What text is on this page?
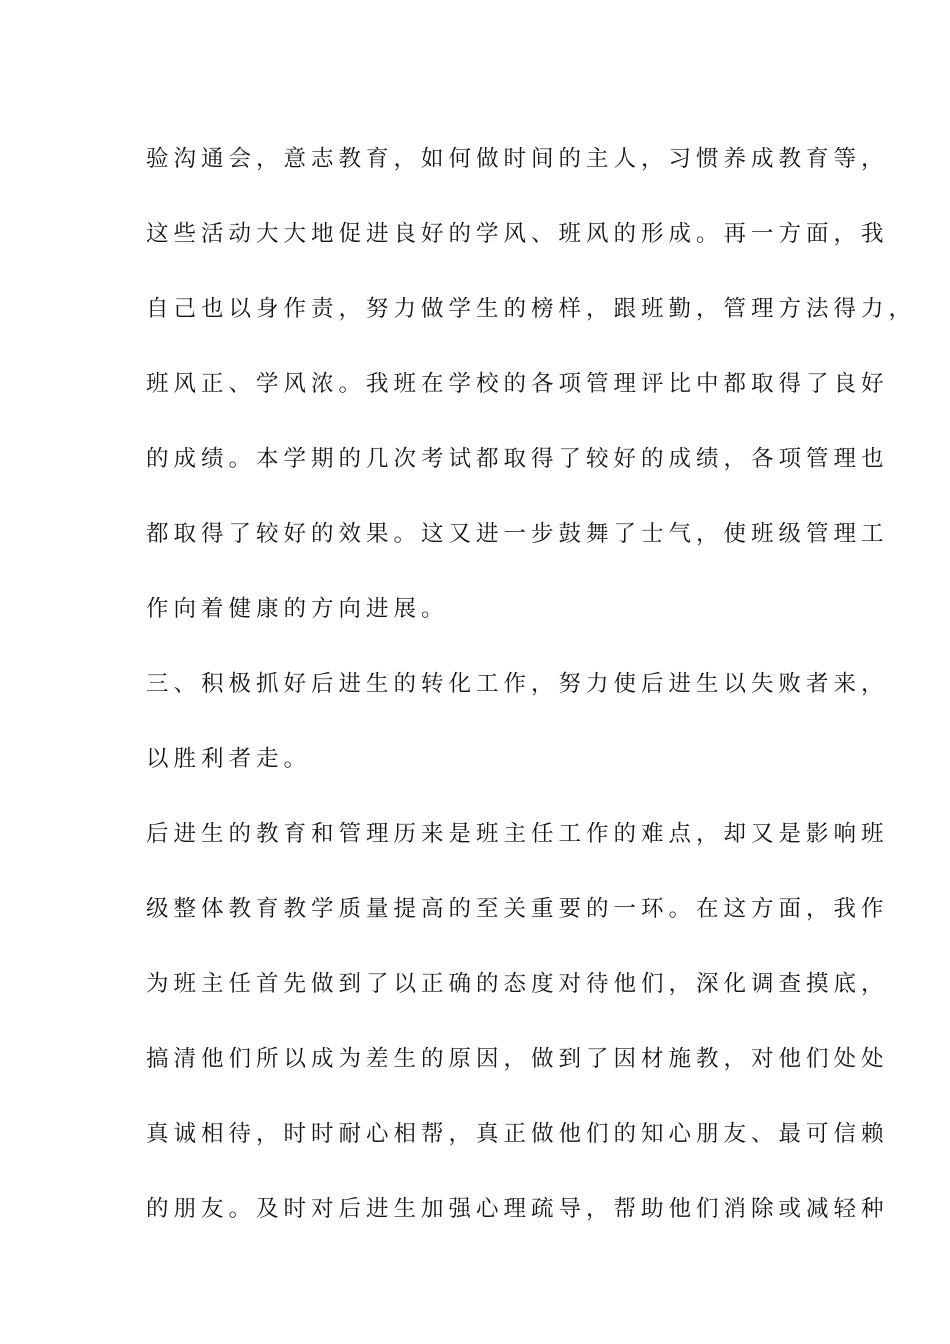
验沟通会，意志教育，如何做时间的主人，习惯养成教育等，

这些活动大大地促进良好的学风、班风的形成。再一方面，我

自己也以身作责，努力做学生的榜样，跟班勤，管理方法得力，

班风正、学风浓。我班在学校的各项管理评比中都取得了良好

的成绩。本学期的几次考试都取得了较好的成绩，各项管理也

都取得了较好的效果。这又进一步鼓舞了士气，使班级管理工

作向着健康的方向进展。

三、积极抓好后进生的转化工作，努力使后进生以失败者来，

以胜利者走。

后进生的教育和管理历来是班主任工作的难点，却又是影响班

级整体教育教学质量提高的至关重要的一环。在这方面，我作

为班主任首先做到了以正确的态度对待他们，深化调查摸底，

搞清他们所以成为差生的原因，做到了因材施教，对他们处处

真诚相待，时时耐心相帮，真正做他们的知心朋友、最可信赖

的朋友。及时对后进生加强心理疏导，帮助他们消除或减轻种
